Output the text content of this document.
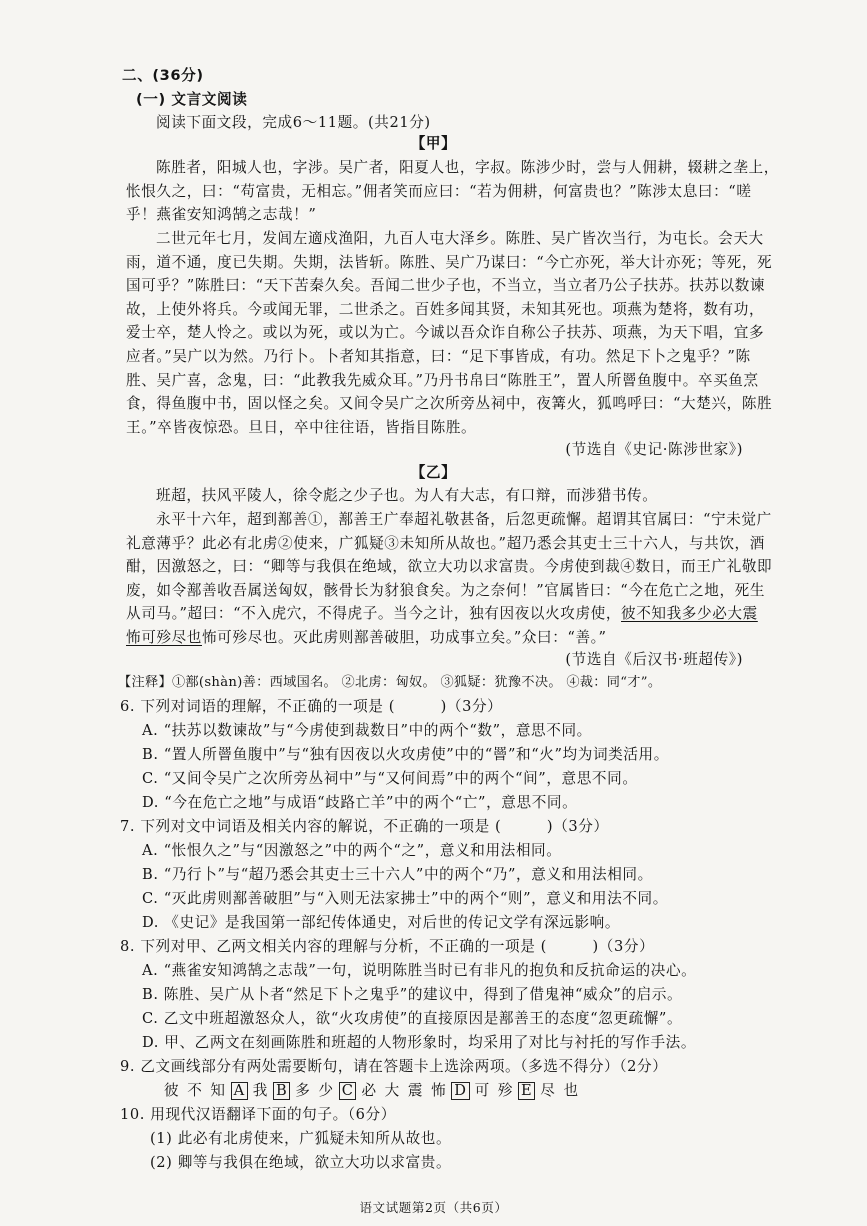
二、(36分)
(一) 文言文阅读
阅读下面文段，完成6～11题。(共21分)
【甲】
陈胜者，阳城人也，字涉。吴广者，阳夏人也，字叔。陈涉少时，尝与人佣耕，辍耕之垄上，
怅恨久之，曰：“苟富贵，无相忘。”佣者笑而应曰：“若为佣耕，何富贵也？”陈涉太息曰：“嗟
乎！燕雀安知鸿鹄之志哉！”
二世元年七月，发闾左適戍渔阳，九百人屯大泽乡。陈胜、吴广皆次当行，为屯长。会天大
雨，道不通，度已失期。失期，法皆斩。陈胜、吴广乃谋曰：“今亡亦死，举大计亦死；等死，死
国可乎？”陈胜曰：“天下苦秦久矣。吾闻二世少子也，不当立，当立者乃公子扶苏。扶苏以数谏
故，上使外将兵。今或闻无罪，二世杀之。百姓多闻其贤，未知其死也。项燕为楚将，数有功，
爱士卒，楚人怜之。或以为死，或以为亡。今诚以吾众诈自称公子扶苏、项燕，为天下唱，宜多
应者。”吴广以为然。乃行卜。卜者知其指意，曰：“足下事皆成，有功。然足下卜之鬼乎？”陈
胜、吴广喜，念鬼，曰：“此教我先威众耳。”乃丹书帛曰“陈胜王”，置人所罾鱼腹中。卒买鱼烹
食，得鱼腹中书，固以怪之矣。又间令吴广之次所旁丛祠中，夜篝火，狐鸣呼曰：“大楚兴，陈胜
王。”卒皆夜惊恐。旦日，卒中往往语，皆指目陈胜。
(节选自《史记·陈涉世家》)
【乙】
班超，扶风平陵人，徐令彪之少子也。为人有大志，有口辩，而涉猎书传。
永平十六年，超到鄯善①，鄯善王广奉超礼敬甚备，后忽更疏懈。超谓其官属曰：“宁未觉广
礼意薄乎？此必有北虏②使来，广狐疑③未知所从故也。”超乃悉会其吏士三十六人，与共饮，酒
酣，因激怒之，曰：“卿等与我俱在绝域，欲立大功以求富贵。今虏使到裁④数日，而王广礼敬即
废，如令鄯善收吾属送匈奴，骸骨长为豺狼食矣。为之奈何！”官属皆曰：“今在危亡之地，死生
从司马。”超曰：“不入虎穴，不得虎子。当今之计，独有因夜以火攻虏使，彼不知我多少必大震
怖可殄尽也怖可殄尽也。灭此虏则鄯善破胆，功成事立矣。”众曰：“善。”
(节选自《后汉书·班超传》)
【注释】①鄯(shàn)善：西域国名。 ②北虏：匈奴。 ③狐疑：犹豫不决。 ④裁：同“才”。
6. 下列对词语的理解，不正确的一项是 (　　　)（3分）
A. “扶苏以数谏故”与“今虏使到裁数日”中的两个“数”，意思不同。
B. “置人所罾鱼腹中”与“独有因夜以火攻虏使”中的“罾”和“火”均为词类活用。
C. “又间令吴广之次所旁丛祠中”与“又何间焉”中的两个“间”，意思不同。
D. “今在危亡之地”与成语“歧路亡羊”中的两个“亡”，意思不同。
7. 下列对文中词语及相关内容的解说，不正确的一项是 (　　　)（3分）
A. “怅恨久之”与“因激怒之”中的两个“之”，意义和用法相同。
B. “乃行卜”与“超乃悉会其吏士三十六人”中的两个“乃”，意义和用法相同。
C. “灭此虏则鄯善破胆”与“入则无法家拂士”中的两个“则”，意义和用法不同。
D. 《史记》是我国第一部纪传体通史，对后世的传记文学有深远影响。
8. 下列对甲、乙两文相关内容的理解与分析，不正确的一项是 (　　　)（3分）
A. “燕雀安知鸿鹄之志哉”一句，说明陈胜当时已有非凡的抱负和反抗命运的决心。
B. 陈胜、吴广从卜者“然足下卜之鬼乎”的建议中，得到了借鬼神“威众”的启示。
C. 乙文中班超激怒众人，欲“火攻虏使”的直接原因是鄯善王的态度“忽更疏懈”。
D. 甲、乙两文在刻画陈胜和班超的人物形象时，均采用了对比与衬托的写作手法。
9. 乙文画线部分有两处需要断句，请在答题卡上选涂两项。（多选不得分）（2分）
彼 不 知 A 我 B 多 少 C 必 大 震 怖 D 可 殄 E 尽 也
10. 用现代汉语翻译下面的句子。（6分）
(1) 此必有北虏使来，广狐疑未知所从故也。
(2) 卿等与我俱在绝域，欲立大功以求富贵。
语文试题第2页（共6页）
